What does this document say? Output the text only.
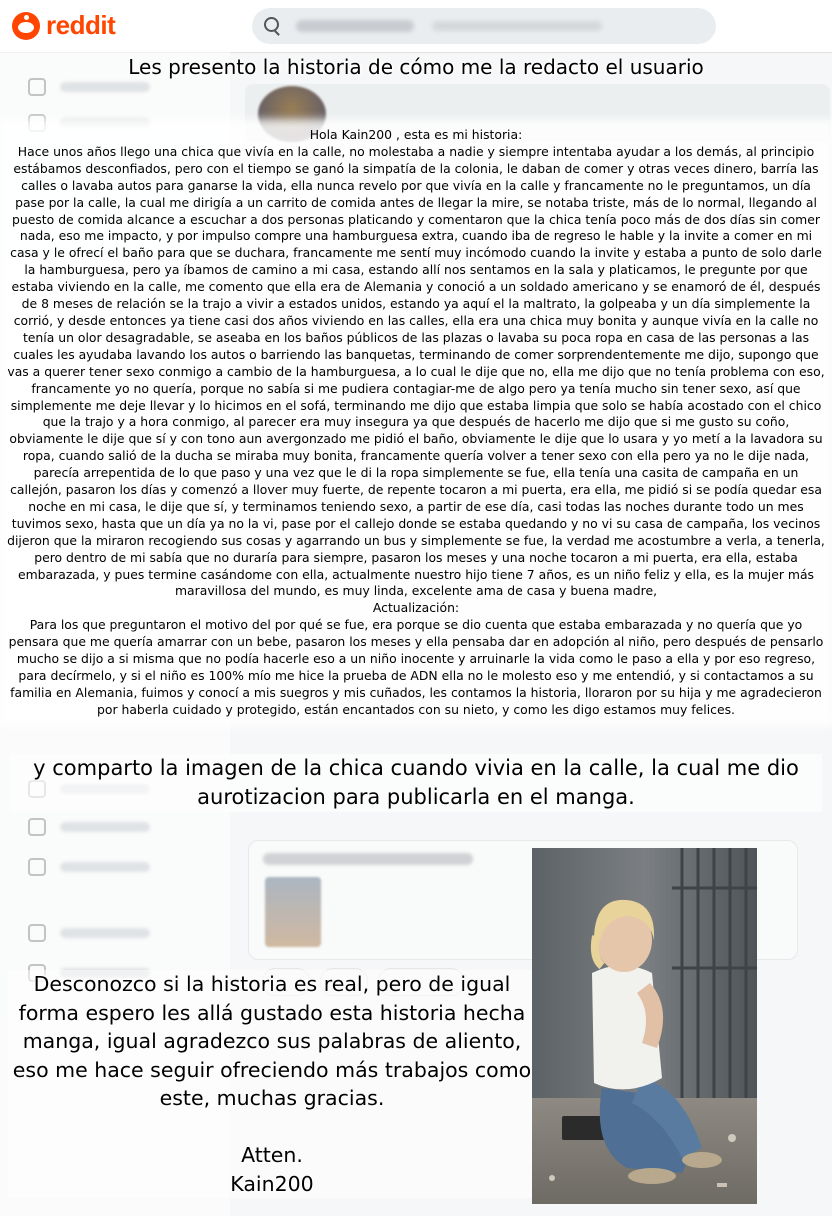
reddit
Les presento la historia de cómo me la redacto el usuario

Hola Kain200 , esta es mi historia:

Hace unos años llego una chica que vivía en la calle, no molestaba a nadie y siempre intentaba ayudar a los demás, al principio estábamos desconfiados, pero con el tiempo se ganó la simpatía de la colonia, le daban de comer y otras veces dinero, barría las calles o lavaba autos para ganarse la vida, ella nunca revelo por que vivía en la calle y francamente no le preguntamos, un día pase por la calle, la cual me dirigía a un carrito de comida antes de llegar la mire, se notaba triste, más de lo normal, llegando al puesto de comida alcance a escuchar a dos personas platicando y comentaron que la chica tenía poco más de dos días sin comer nada, eso me impacto, y por impulso compre una hamburguesa extra, cuando iba de regreso le hable y la invite a comer en mi casa y le ofrecí el baño para que se duchara, francamente me sentí muy incómodo cuando la invite y estaba a punto de solo darle la hamburguesa, pero ya íbamos de camino a mi casa, estando allí nos sentamos en la sala y platicamos, le pregunte por que estaba viviendo en la calle, me comento que ella era de Alemania y conoció a un soldado americano y se enamoró de él, después de 8 meses de relación se la trajo a vivir a estados unidos, estando ya aquí el la maltrato, la golpeaba y un día simplemente la corrió, y desde entonces ya tiene casi dos años viviendo en las calles, ella era una chica muy bonita y aunque vivía en la calle no tenía un olor desagradable, se aseaba en los baños públicos de las plazas o lavaba su poca ropa en casa de las personas a las cuales les ayudaba lavando los autos o barriendo las banquetas, terminando de comer sorprendentemente me dijo, supongo que vas a querer tener sexo conmigo a cambio de la hamburguesa, a lo cual le dije que no, ella me dijo que no tenía problema con eso, francamente yo no quería, porque no sabía si me pudiera contagiar-me de algo pero ya tenía mucho sin tener sexo, así que simplemente me deje llevar y lo hicimos en el sofá, terminando me dijo que estaba limpia que solo se había acostado con el chico que la trajo y a hora conmigo, al parecer era muy insegura ya que después de hacerlo me dijo que si me gusto su coño, obviamente le dije que sí y con tono aun avergonzado me pidió el baño, obviamente le dije que lo usara y yo metí a la lavadora su ropa, cuando salió de la ducha se miraba muy bonita, francamente quería volver a tener sexo con ella pero ya no le dije nada, parecía arrepentida de lo que paso y una vez que le di la ropa simplemente se fue, ella tenía una casita de campaña en un callejón, pasaron los días y comenzó a llover muy fuerte, de repente tocaron a mi puerta, era ella, me pidió si se podía quedar esa noche en mi casa, le dije que sí, y terminamos teniendo sexo, a partir de ese día, casi todas las noches durante todo un mes tuvimos sexo, hasta que un día ya no la vi, pase por el callejo donde se estaba quedando y no vi su casa de campaña, los vecinos dijeron que la miraron recogiendo sus cosas y agarrando un bus y simplemente se fue, la verdad me acostumbre a verla, a tenerla, pero dentro de mi sabía que no duraría para siempre, pasaron los meses y una noche tocaron a mi puerta, era ella, estaba embarazada, y pues termine casándome con ella, actualmente nuestro hijo tiene 7 años, es un niño feliz y ella, es la mujer más maravillosa del mundo, es muy linda, excelente ama de casa y buena madre,

Actualización:

Para los que preguntaron el motivo del por qué se fue, era porque se dio cuenta que estaba embarazada y no quería que yo pensara que me quería amarrar con un bebe, pasaron los meses y ella pensaba dar en adopción al niño, pero después de pensarlo mucho se dijo a si misma que no podía hacerle eso a un niño inocente y arruinarle la vida como le paso a ella y por eso regreso, para decírmelo, y si el niño es 100% mío me hice la prueba de ADN ella no le molesto eso y me entendió, y si contactamos a su familia en Alemania, fuimos y conocí a mis suegros y mis cuñados, les contamos la historia, lloraron por su hija y me agradecieron por haberla cuidado y protegido, están encantados con su nieto, y como les digo estamos muy felices.

y comparto la imagen de la chica cuando vivia en la calle, la cual me dio aurotizacion para publicarla en el manga.

Desconozco si la historia es real, pero de igual forma espero les allá gustado esta historia hecha manga, igual agradezco sus palabras de aliento, eso me hace seguir ofreciendo más trabajos como este, muchas gracias.

Atten.

Kain200
